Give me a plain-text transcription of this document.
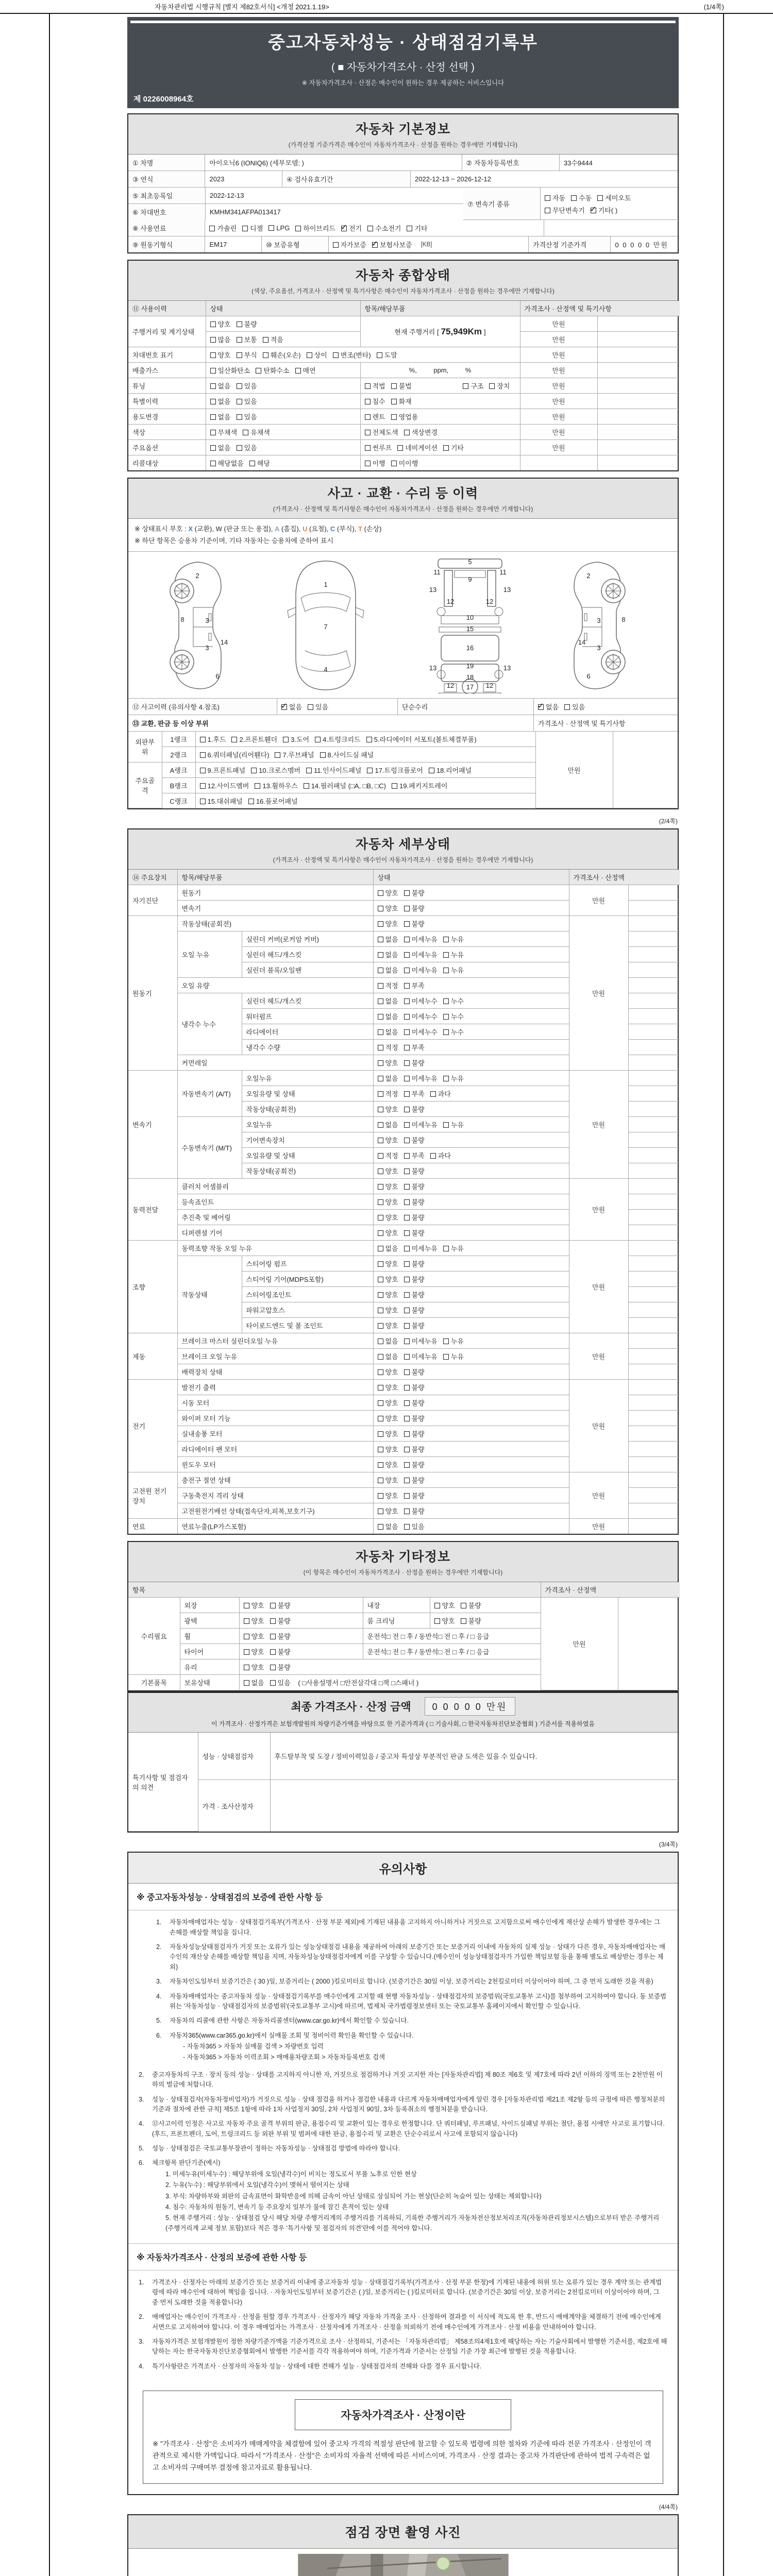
자동차관리법 시행규칙 [별지 제82호서식] <개정 2021.1.19>	(1/4쪽)
중고자동차성능 · 상태점검기록부
( ■ 자동차가격조사 · 산정 선택 )
※ 자동차가격조사 · 산정은 매수인이 원하는 경우 제공하는 서비스입니다
제 0226008964호
자동차 기본정보
(가격산정 기준가격은 매수인이 자동차가격조사 · 산정을 원하는 경우에만 기재합니다)
① 차명	아이오닉6 (IONIQ6) (세부모델: )	② 자동차등록번호	33수9444
③ 연식	2023	④ 검사유효기간	2022-12-13 ~ 2026-12-12
⑤ 최초등록일	2022-12-13
⑥ 차대번호	KMHM341AFPA013417
⑦ 변속기 종류
자동	수동	세미오토
무단변속기 ✓	기타( )
⑧ 사용연료	가솔린	디젤	LPG	하이브리드 ✓	전기	수소전기	기타
⑨ 원동기형식	EM17	⑩ 보증유형	자가보증 ✓	보험사보증 [KB]	가격산정 기준가격	0 0 0 0 0 만원
자동차 종합상태
(색상, 주요옵션, 가격조사 · 산정액 및 특기사항은 매수인이 자동차가격조사 · 산정을 원하는 경우에만 기재합니다)
⑪ 사용이력	상태	항목/해당부품	가격조사 · 산정액 및 특기사항	
주행거리 및 계기상태	양호 불량	현재 주행거리 [ 75,949Km ]	만원	
	많음 보통 적음		만원	
차대번호 표기	양호 부식 훼손(오손) 상이 변조(변타) 도말		만원	
배출가스	일산화탄소 탄화수소 매연	%,         ppm,         %	만원	
튜닝	없음 있음	적법 불법 구조 장치	만원	
특별이력	없음 있음	침수 화재	만원	
용도변경	없음 있음	렌트 영업용	만원	
색상	무채색 유채색	전체도색 색상변경	만원	
주요옵션	없음 있음	썬루프 네비게이션 기타	만원	
리콜대상	해당없음 해당	이행 미이행		
사고 · 교환 · 수리 등 이력
(가격조사 · 산정액 및 특기사항은 매수인이 자동차가격조사 · 산정을 원하는 경우에만 기재합니다)
※ 상태표시 부호 : X (교환), W (판금 또는 용접), A (흠집), U (요철), C (부식), T (손상)
※ 하단 항목은 승용차 기준이며, 기타 자동차는 승용차에 준하여 표시
2
8	3
3
14
6
1
7
4
5
9
11	11
13	13
12	12
10
15
16
19
13	13
12	12
17
18
2
3	8
14
3
6
⑫ 사고이력 (유의사항 4.참조) ✓	없음	있음	단순수리 ✓	없음	있음
⑬ 교환, 판금 등 이상 부위	가격조사 · 산정액 및 특기사항
외판부위	1랭크	1.후드 2.프론트휀더 3.도어 4.트렁크리드 5.라디에이터 서포트(볼트체결부품)	만원	
	2랭크	6.쿼더패널(리어휀다) 7.루브패널 8.사이드실 패널		
주요골격	A랭크	9.프론트패널 10.크로스멤버 11.인사이드패널 17.트렁크플로어 18.리어패널		
	B랭크	12.사이드멤버 13.휠하우스 14.필러패널 (□A, □B, □C) 19.페키지트레이		
	C랭크	15.대쉬패널 16.플로어패널		
(2/4쪽)
자동차 세부상태
(가격조사 · 산정액 및 특기사항은 매수인이 자동차가격조사 · 산정을 원하는 경우에만 기재합니다)
⑭ 주요장치	항목/해당부품		상태	가격조사 · 산정액	
자기진단	원동기		양호 불량	만원	
	변속기		양호 불량		
원동기	작동상태(공회전)		양호 불량	만원	
	오일 누유	실린더 커버(로커암 커버)	없음 미세누유 누유		
		실린더 헤드/개스킷	없음 미세누유 누유		
		실린더 블록/오일팬	없음 미세누유 누유		
	오일 유량		적정 부족		
	냉각수 누수	실린더 헤드/개스킷	없음 미세누수 누수		
		워터펌프	없음 미세누수 누수		
		라디에이터	없음 미세누수 누수		
		냉각수 수량	적정 부족		
	커먼레일		양호 불량		
변속기	자동변속기 (A/T)	오일누유	없음 미세누유 누유	만원	
		오일유량 및 상태	적정 부족 과다		
		작동상태(공회전)	양호 불량		
	수동변속기 (M/T)	오일누유	없음 미세누유 누유		
		기어변속장치	양호 불량		
		오일유량 및 상태	적정 부족 과다		
		작동상태(공회전)	양호 불량		
동력전달	클러치 어셈블리		양호 불량	만원	
	등속죠인트		양호 불량		
	추진축 및 베어링		양호 불량		
	디퍼렌셜 기어		양호 불량		
조향	동력조향 작동 오일 누유		없음 미세누유 누유	만원	
	작동상태	스티어링 펌프	양호 불량		
		스티어링 기어(MDPS포함)	양호 불량		
		스티어링조인트	양호 불량		
		파워고압호스	양호 불량		
		타이로드엔드 및 볼 조인트	양호 불량		
제동	브레이크 마스터 실린더오일 누유		없음 미세누유 누유	만원	
	브레이크 오일 누유		없음 미세누유 누유		
	배력장치 상태		양호 불량		
전기	발전기 출력		양호 불량	만원	
	시동 모터		양호 불량		
	와이퍼 모터 기능		양호 불량		
	실내송풍 모터		양호 불량		
	라디에이터 팬 모터		양호 불량		
	윈도우 모터		양호 불량		
고전원 전기장치	충전구 절연 상태		양호 불량	만원	
	구동축전지 격리 상태		양호 불량		
	고전원전기배선 상태(접속단자,피복,보호기구)		양호 불량		
연료	연료누출(LP가스포함)		없음 있음	만원	
자동차 기타정보
(이 항목은 매수인이 자동차가격조사 · 산정을 원하는 경우에만 기재합니다)
항목					가격조사 · 산정액	
수리필요	외장	양호 불량	내장	양호 불량	만원	
	광택	양호 불량	룸 크리닝	양호 불량		
	휠	양호 불량	운전석□ 전 □ 후 / 동반석□ 전 □ 후 / □ 응급			
	타이어	양호 불량	운전석□ 전 □ 후 / 동반석□ 전 □ 후 / □ 응급			
	유리	양호 불량				
기본품목	보유상태	없음 있음 ( □사용설명서 □안전삼각대 □잭 □스패너 )				
최종 가격조사 · 산정 금액	0 0 0 0 0 만원
이 가격조사 · 산정가격은 보험개발원의 차량기준가액을 바탕으로 한 기준가격과 ( □ 기술사회, □ 한국자동차진단보증협회 ) 기준서를 적용하였음
특기사항 및 점검자의 의견	성능 · 상태점검자	후드탈부착 및 도장 / 정비이력있음 / 중고차 특성상 부분적인 판금 도색은 있을 수 있습니다.
	가격 · 조사산정자	
(3/4쪽)
유의사항
※ 중고자동차성능 · 상태점검의 보증에 관한 사항 등
1.	자동차매매업자는 성능 · 상태점검기록부(가격조사 · 산정 부분 제외)에 기재된 내용을 고지하지 아니하거나 거짓으로 고지함으로써 매수인에게 재산상 손해가 발생한 경우에는 그 손해를 배상할 책임을 집니다.
2.	자동차성능상태점검자가 거짓 또는 오류가 있는 성능상태점검 내용을 제공하여 아래의 보증기간 또는 보증거리 이내에 자동차의 실제 성능 · 상태가 다른 경우, 자동차매매업자는 매수인의 재산상 손해를 배상할 책임을 지며, 자동차성능상태점검자에게 이를 구상할 수 있습니다.(매수인이 성능상태점검자가 가입한 책임보험 등을 통해 별도로 배상받는 경우는 제외)
3.	자동차인도일부터 보증기간은 ( 30 )일, 보증거리는 ( 2000 )킬로미터로 합니다. (보증기간은 30일 이상, 보증거리는 2천킬로미터 이상이어야 하며, 그 중 먼저 도래한 것을 적용)
4.	자동차매매업자는 중고자동차 성능 · 상태점검기록부를 매수인에게 고지할 때 현행 자동차성능 · 상태점검자의 보증범위(국토교통부 고시)를 첨부하여 고지하여야 합니다. 동 보증범위는 '자동차성능 · 상태점검자의 보증범위'(국토교통부 고시)에 따르며, 법제처 국가법령정보센터 또는 국토교통부 홈페이지에서 확인할 수 있습니다.
5.	자동차의 리콜에 관한 사항은 자동차리콜센터(www.car.go.kr)에서 확인할 수 있습니다.
6.	자동차365(www.car365.go.kr)에서 실매물 조회 및 정비이력 확인을 확인할 수 있습니다.
- 자동차365 > 자동차 실매물 검색 > 차량번호 입력
- 자동차365 > 자동차 이력조회 > 매매용차량조회 > 자동차등록번호 검색
2.	중고자동차의 구조 · 장치 등의 성능 · 상태를 고지하지 아니한 자, 거짓으로 점검하거나 거짓 고지한 자는 [자동차관리법] 제 80조 제6호 및 제7호에 따라 2년 이하의 징역 또는 2천만원 이하의 벌금에 처합니다.
3.	성능 · 상태점검자(자동차정비업자)가 거짓으로 성능 · 상태 점검을 하거나 점검한 내용과 다르게 자동차매매업자에게 알린 경우 [자동차관리법 제21조 제2항 등의 규정에 따른 행정처분의 기준과 절차에 관한 규칙] 제5조 1항에 따라 1차 사업정지 30일, 2차 사업정지 90일, 3차 등록취소의 행정처분을 받습니다.
4.	⑫사고이력 인정은 사고로 자동차 주요 골격 부위의 판금, 용접수리 및 교환이 있는 경우로 한정합니다. 단 쿼터패널, 루프패널, 사이드실패널 부위는 절단, 용접 시에만 사고로 표기합니다. (후드, 프론트펜더, 도어, 트렁크리드 등 외판 부위 및 범퍼에 대한 판금, 용접수리 및 교환은 단순수리로서 사고에 포함되지 않습니다)
5.	성능 · 상태점검은 국토교통부장관이 정하는 자동차성능 · 상태점검 방법에 따라야 합니다.
6.	체크항목 판단기준(예시)
1. 미세누유(미세누수) : 해당부위에 오일(냉각수)이 비치는 정도로서 부품 노후로 인한 현상
2. 누유(누수) : 해당부위에서 오일(냉각수)이 맺혀서 떨어지는 상태
3. 부식: 차량하부와 외판의 금속표면이 화학반응에 의해 금속이 아닌 상태로 상실되어 가는 현상(단순히 녹슬어 있는 상태는 제외합니다)
4. 침수: 자동차의 원동기, 변속기 등 주요장치 일부가 물에 잠긴 흔적이 있는 상태
5. 현재 주행거리 : 성능 · 상태점검 당시 해당 차량 주행거리계의 주행거리를 기록하되, 기록한 주행거리가 자동차전산정보처리조직(자동차관리정보시스템)으로부터 받은 주행거리(주행거리계 교체 정보 포함)보다 적은 경우 '특기사항 및 점검자의 의견'란에 이를 적어야 합니다.
※ 자동차가격조사 · 산정의 보증에 관한 사항 등
1.	가격조사 · 산정자는 아래의 보증기간 또는 보증거리 이내에 중고자동차 성능 · 상태점검기록부(가격조사 · 산정 부분 한정)에 기재된 내용에 허위 또는 오류가 있는 경우 계약 또는 관계법령에 따라 매수인에 대하여 책임을 집니다. · 자동차인도일부터 보증기간은 ( )일, 보증거리는 ( )킬로미터로 합니다. (보증기간은 30일 이상, 보증거리는 2천킬로미터 이상이어야 하며, 그 중 먼저 도래한 것을 적용합니다)
2.	매매업자는 매수인이 가격조사 · 산정을 원할 경우 가격조사 · 산정자가 해당 자동차 가격을 조사 · 산정하여 결과를 이 서식에 적도록 한 후, 반드시 매매계약을 체결하기 전에 매수인에게 서면으로 고지하여야 합니다. 이 경우 매매업자는 가격조사 · 산정자에게 가격조사 · 산정을 의뢰하기 전에 매수인에게 가격조사 · 산정 비용을 안내하여야 합니다.
3.	자동차가격은 보험개발원이 정한 차량기준가액을 기준가격으로 조사 · 산정하되, 기준서는 「자동차관리법」 제58조의4제1호에 해당하는 자는 기술사회에서 발행한 기준서를, 제2호에 해당하는 자는 한국자동차진단보증협회에서 발행한 기준서를 각각 적용하여야 하며, 기준가격과 기준서는 산정일 기준 가장 최근에 발행된 것을 적용합니다.
4.	특기사항란은 가격조사 · 산정자의 자동차 성능 · 상태에 대한 견해가 성능 · 상태점검자의 견해와 다를 경우 표시합니다.
자동차가격조사 · 산정이란
※ "가격조사 · 산정"은 소비자가 매매계약을 체결함에 있어 중고차 가격의 적절성 판단에 참고할 수 있도록 법령에 의한 절차와 기준에 따라 전문 가격조사 · 산정인이 객관적으로 제시한 가액입니다. 따라서 "가격조사 · 산정"은 소비자의 자율적 선택에 따른 서비스이며, 가격조사 · 산정 결과는 중고차 가격판단에 관하여 법적 구속력은 없고 소비자의 구매여부 결정에 참고자료로 활용됩니다.
(4/4쪽)
점검 장면 촬영 사진
